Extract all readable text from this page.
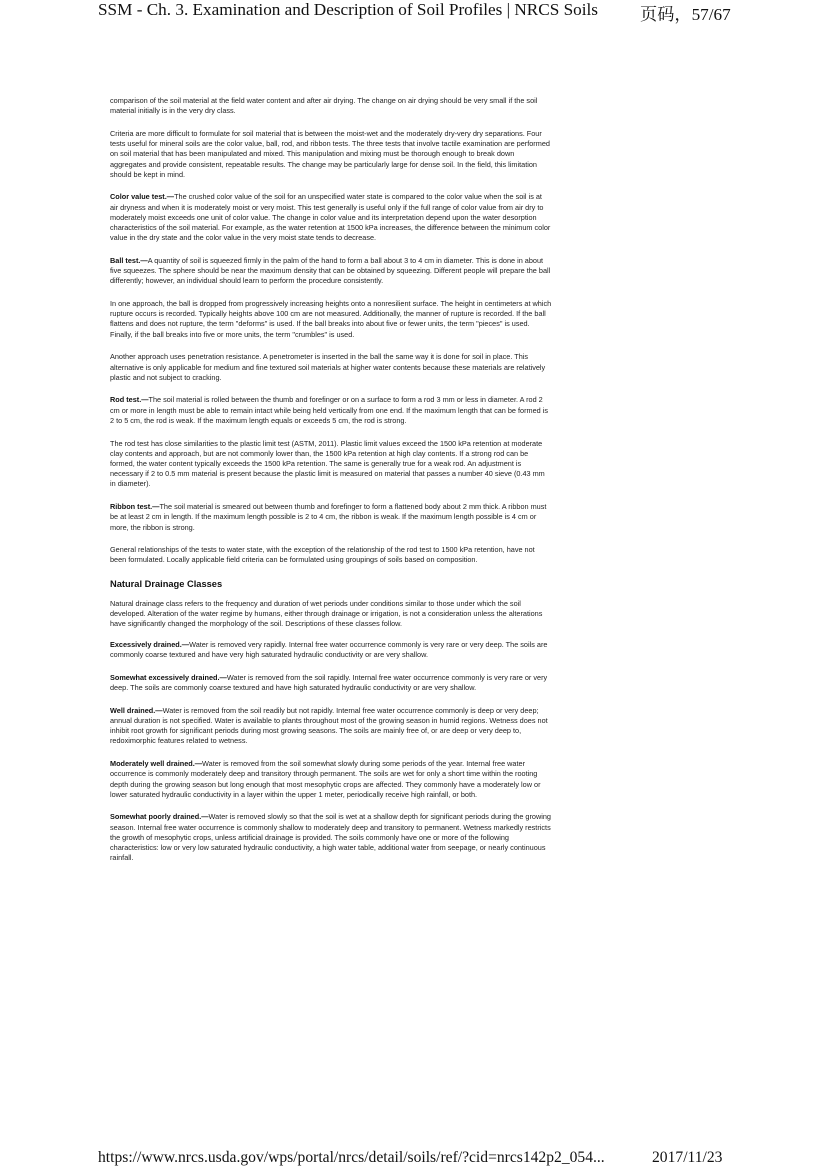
SSM - Ch. 3. Examination and Description of Soil Profiles | NRCS Soils 页码，57/67

comparison of the soil material at the field water content and after air drying. The change on air drying should be very small if the soil material initially is in the very dry class.

Criteria are more difficult to formulate for soil material that is between the moist-wet and the moderately dry-very dry separations. Four tests useful for mineral soils are the color value, ball, rod, and ribbon tests. The three tests that involve tactile examination are performed on soil material that has been manipulated and mixed. This manipulation and mixing must be thorough enough to break down aggregates and provide consistent, repeatable results. The change may be particularly large for dense soil. In the field, this limitation should be kept in mind.

Color value test.—The crushed color value of the soil for an unspecified water state is compared to the color value when the soil is at air dryness and when it is moderately moist or very moist. This test generally is useful only if the full range of color value from air dry to moderately moist exceeds one unit of color value. The change in color value and its interpretation depend upon the water desorption characteristics of the soil material. For example, as the water retention at 1500 kPa increases, the difference between the minimum color value in the dry state and the color value in the very moist state tends to decrease.

Ball test.—A quantity of soil is squeezed firmly in the palm of the hand to form a ball about 3 to 4 cm in diameter. This is done in about five squeezes. The sphere should be near the maximum density that can be obtained by squeezing. Different people will prepare the ball differently; however, an individual should learn to perform the procedure consistently.

In one approach, the ball is dropped from progressively increasing heights onto a nonresilient surface. The height in centimeters at which rupture occurs is recorded. Typically heights above 100 cm are not measured. Additionally, the manner of rupture is recorded. If the ball flattens and does not rupture, the term "deforms" is used. If the ball breaks into about five or fewer units, the term "pieces" is used. Finally, if the ball breaks into five or more units, the term "crumbles" is used.

Another approach uses penetration resistance. A penetrometer is inserted in the ball the same way it is done for soil in place. This alternative is only applicable for medium and fine textured soil materials at higher water contents because these materials are relatively plastic and not subject to cracking.

Rod test.—The soil material is rolled between the thumb and forefinger or on a surface to form a rod 3 mm or less in diameter. A rod 2 cm or more in length must be able to remain intact while being held vertically from one end. If the maximum length that can be formed is 2 to 5 cm, the rod is weak. If the maximum length equals or exceeds 5 cm, the rod is strong.

The rod test has close similarities to the plastic limit test (ASTM, 2011). Plastic limit values exceed the 1500 kPa retention at moderate clay contents and approach, but are not commonly lower than, the 1500 kPa retention at high clay contents. If a strong rod can be formed, the water content typically exceeds the 1500 kPa retention. The same is generally true for a weak rod. An adjustment is necessary if 2 to 0.5 mm material is present because the plastic limit is measured on material that passes a number 40 sieve (0.43 mm in diameter).

Ribbon test.—The soil material is smeared out between thumb and forefinger to form a flattened body about 2 mm thick. A ribbon must be at least 2 cm in length. If the maximum length possible is 2 to 4 cm, the ribbon is weak. If the maximum length possible is 4 cm or more, the ribbon is strong.

General relationships of the tests to water state, with the exception of the relationship of the rod test to 1500 kPa retention, have not been formulated. Locally applicable field criteria can be formulated using groupings of soils based on composition.

Natural Drainage Classes

Natural drainage class refers to the frequency and duration of wet periods under conditions similar to those under which the soil developed. Alteration of the water regime by humans, either through drainage or irrigation, is not a consideration unless the alterations have significantly changed the morphology of the soil. Descriptions of these classes follow.

Excessively drained.—Water is removed very rapidly. Internal free water occurrence commonly is very rare or very deep. The soils are commonly coarse textured and have very high saturated hydraulic conductivity or are very shallow.

Somewhat excessively drained.—Water is removed from the soil rapidly. Internal free water occurrence commonly is very rare or very deep. The soils are commonly coarse textured and have high saturated hydraulic conductivity or are very shallow.

Well drained.—Water is removed from the soil readily but not rapidly. Internal free water occurrence commonly is deep or very deep; annual duration is not specified. Water is available to plants throughout most of the growing season in humid regions. Wetness does not inhibit root growth for significant periods during most growing seasons. The soils are mainly free of, or are deep or very deep to, redoximorphic features related to wetness.

Moderately well drained.—Water is removed from the soil somewhat slowly during some periods of the year. Internal free water occurrence is commonly moderately deep and transitory through permanent. The soils are wet for only a short time within the rooting depth during the growing season but long enough that most mesophytic crops are affected. They commonly have a moderately low or lower saturated hydraulic conductivity in a layer within the upper 1 meter, periodically receive high rainfall, or both.

Somewhat poorly drained.—Water is removed slowly so that the soil is wet at a shallow depth for significant periods during the growing season. Internal free water occurrence is commonly shallow to moderately deep and transitory to permanent. Wetness markedly restricts the growth of mesophytic crops, unless artificial drainage is provided. The soils commonly have one or more of the following characteristics: low or very low saturated hydraulic conductivity, a high water table, additional water from seepage, or nearly continuous rainfall.

https://www.nrcs.usda.gov/wps/portal/nrcs/detail/soils/ref/?cid=nrcs142p2_054...	2017/11/23
